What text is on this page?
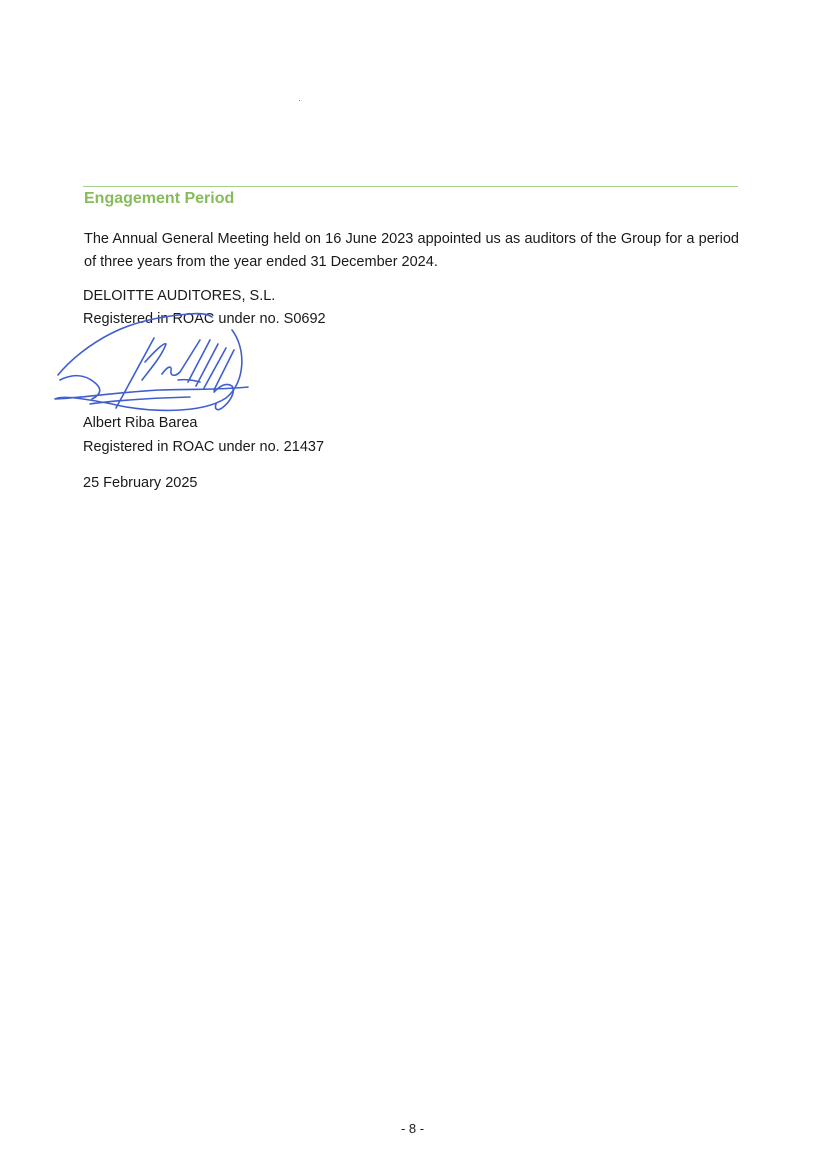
Engagement Period
The Annual General Meeting held on 16 June 2023 appointed us as auditors of the Group for a period of three years from the year ended 31 December 2024.
DELOITTE AUDITORES, S.L.
Registered in ROAC under no. S0692
Albert Riba Barea
Registered in ROAC under no. 21437
25 February 2025
- 8 -
